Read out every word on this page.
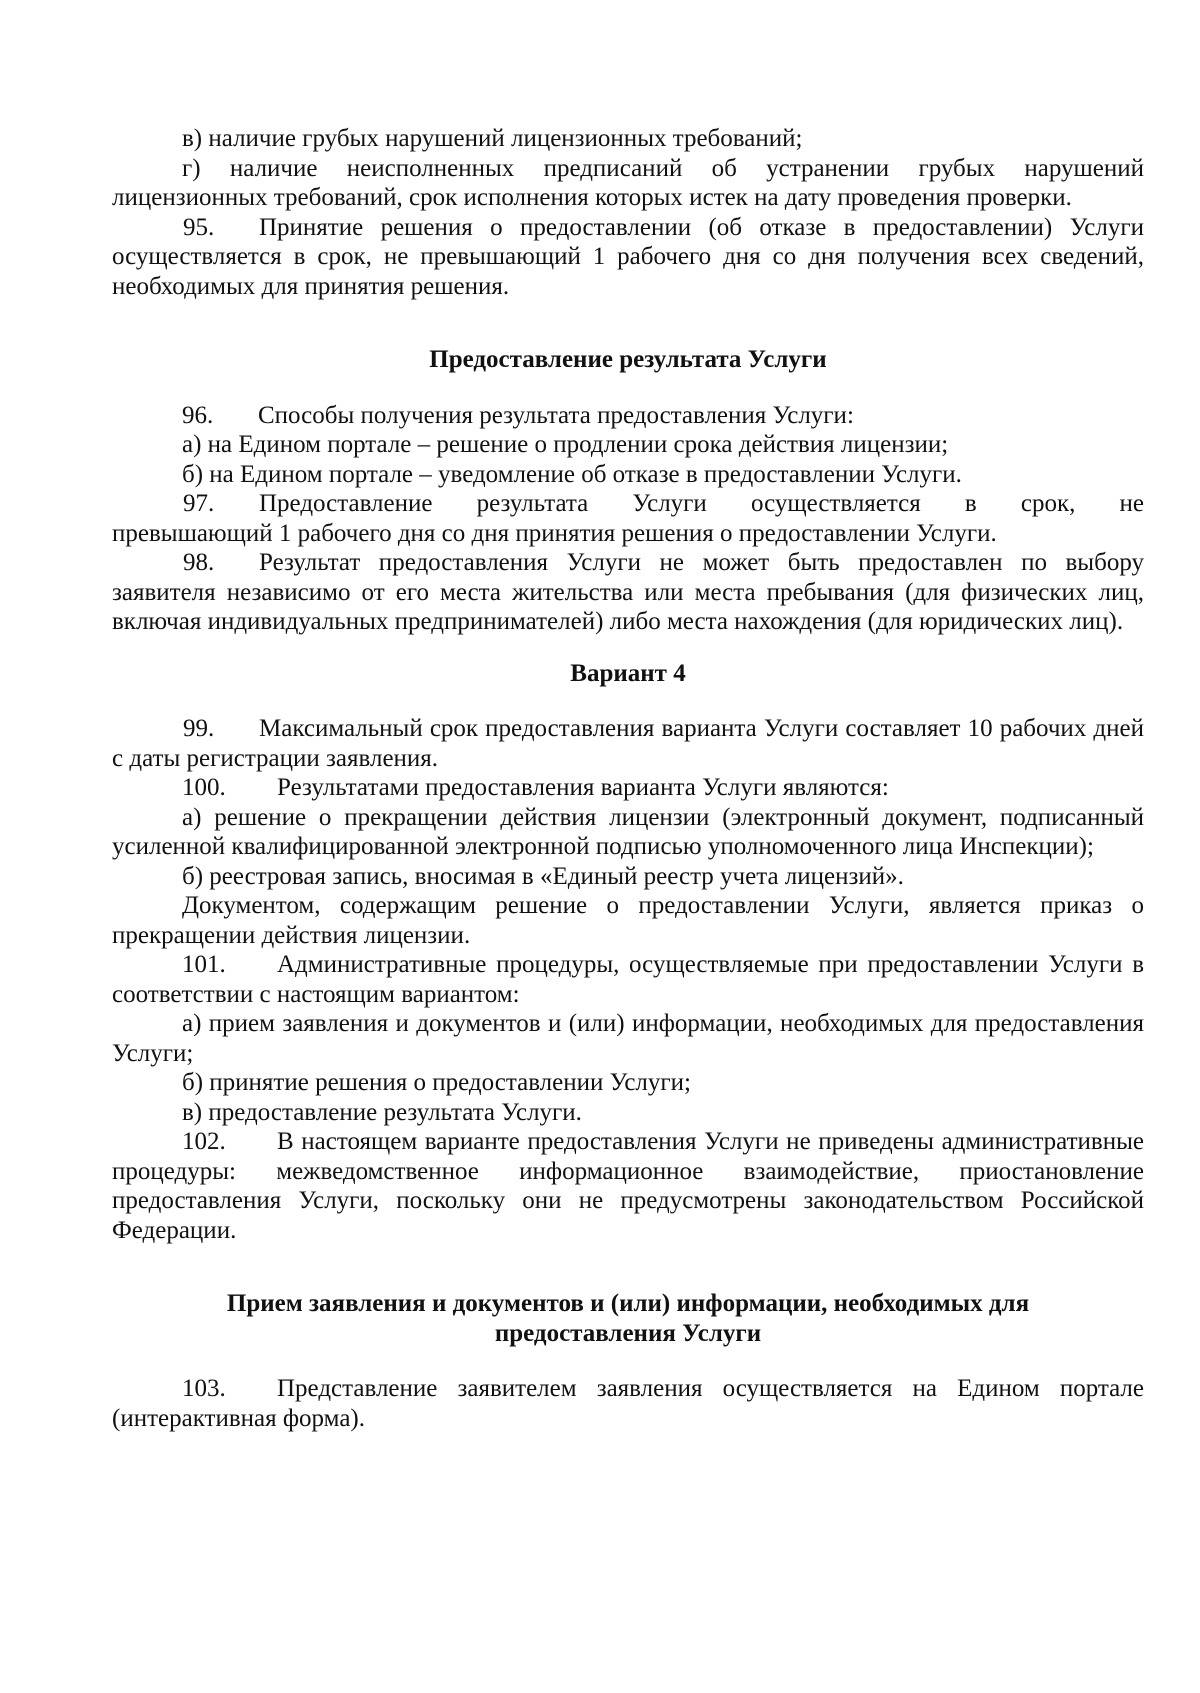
в) наличие грубых нарушений лицензионных требований;

г) наличие неисполненных предписаний об устранении грубых нарушений лицензионных требований, срок исполнения которых истек на дату проведения проверки.

95. Принятие решения о предоставлении (об отказе в предоставлении) Услуги осуществляется в срок, не превышающий 1 рабочего дня со дня получения всех сведений, необходимых для принятия решения.

Предоставление результата Услуги

96. Способы получения результата предоставления Услуги:

а) на Едином портале – решение о продлении срока действия лицензии;

б) на Едином портале – уведомление об отказе в предоставлении Услуги.

97. Предоставление результата Услуги осуществляется в срок, не

превышающий 1 рабочего дня со дня принятия решения о предоставлении Услуги.

98. Результат предоставления Услуги не может быть предоставлен по выбору заявителя независимо от его места жительства или места пребывания (для физических лиц, включая индивидуальных предпринимателей) либо места нахождения (для юридических лиц).

Вариант 4

99. Максимальный срок предоставления варианта Услуги составляет 10 рабочих дней с даты регистрации заявления.

100. Результатами предоставления варианта Услуги являются:

а) решение о прекращении действия лицензии (электронный документ, подписанный усиленной квалифицированной электронной подписью уполномоченного лица Инспекции);

б) реестровая запись, вносимая в «Единый реестр учета лицензий».

Документом, содержащим решение о предоставлении Услуги, является приказ о прекращении действия лицензии.

101. Административные процедуры, осуществляемые при предоставлении Услуги в соответствии с настоящим вариантом:

а) прием заявления и документов и (или) информации, необходимых для предоставления Услуги;

б) принятие решения о предоставлении Услуги;

в) предоставление результата Услуги.

102. В настоящем варианте предоставления Услуги не приведены административные процедуры: межведомственное информационное взаимодействие, приостановление предоставления Услуги, поскольку они не предусмотрены законодательством Российской Федерации.

Прием заявления и документов и (или) информации, необходимых для

предоставления Услуги

103. Представление заявителем заявления осуществляется на Едином портале (интерактивная форма).
